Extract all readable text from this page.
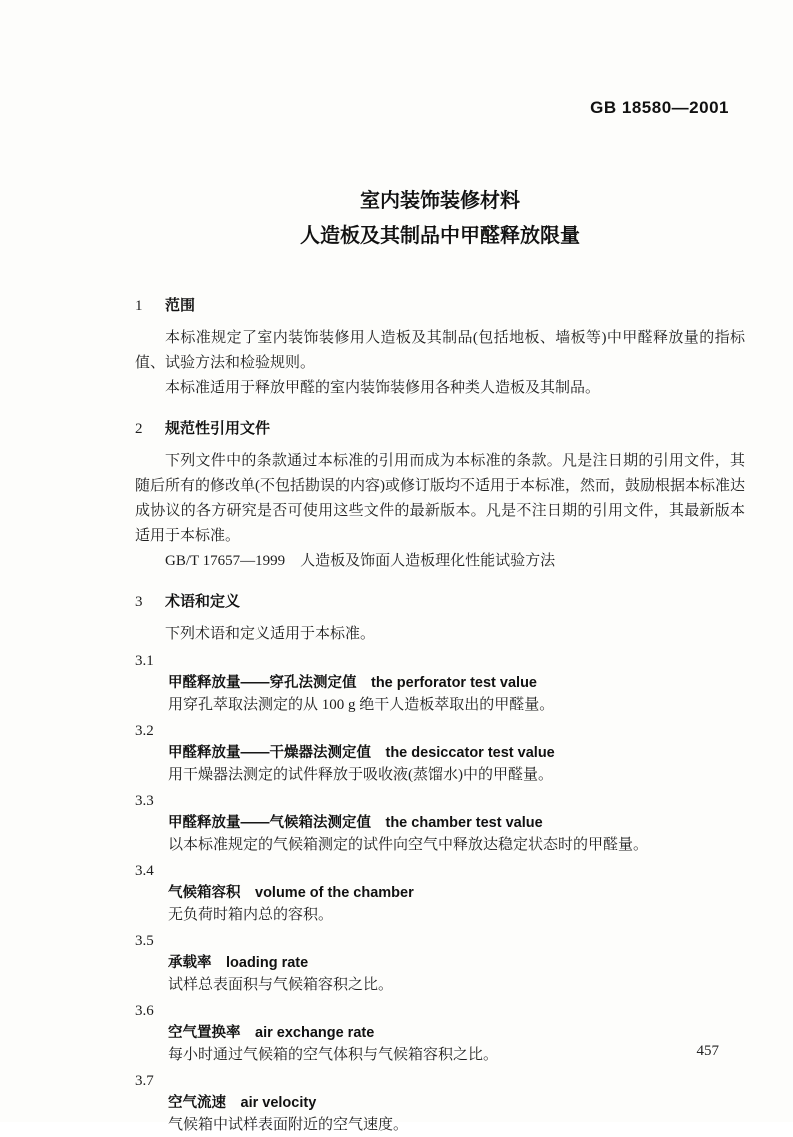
GB 18580—2001
室内装饰装修材料
人造板及其制品中甲醛释放限量
1 范围

本标准规定了室内装饰装修用人造板及其制品(包括地板、墙板等)中甲醛释放量的指标值、试验方法和检验规则。

本标准适用于释放甲醛的室内装饰装修用各种类人造板及其制品。

2 规范性引用文件

下列文件中的条款通过本标准的引用而成为本标准的条款。凡是注日期的引用文件，其随后所有的修改单(不包括勘误的内容)或修订版均不适用于本标准，然而，鼓励根据本标准达成协议的各方研究是否可使用这些文件的最新版本。凡是不注日期的引用文件，其最新版本适用于本标准。

GB/T 17657—1999　人造板及饰面人造板理化性能试验方法

3 术语和定义

下列术语和定义适用于本标准。

3.1
甲醛释放量——穿孔法测定值　the perforator test value
用穿孔萃取法测定的从 100 g 绝干人造板萃取出的甲醛量。
3.2
甲醛释放量——干燥器法测定值　the desiccator test value
用干燥器法测定的试件释放于吸收液(蒸馏水)中的甲醛量。
3.3
甲醛释放量——气候箱法测定值　the chamber test value
以本标准规定的气候箱测定的试件向空气中释放达稳定状态时的甲醛量。
3.4
气候箱容积　volume of the chamber
无负荷时箱内总的容积。
3.5
承载率　loading rate
试样总表面积与气候箱容积之比。
3.6
空气置换率　air exchange rate
每小时通过气候箱的空气体积与气候箱容积之比。
3.7
空气流速　air velocity
气候箱中试样表面附近的空气速度。
457
